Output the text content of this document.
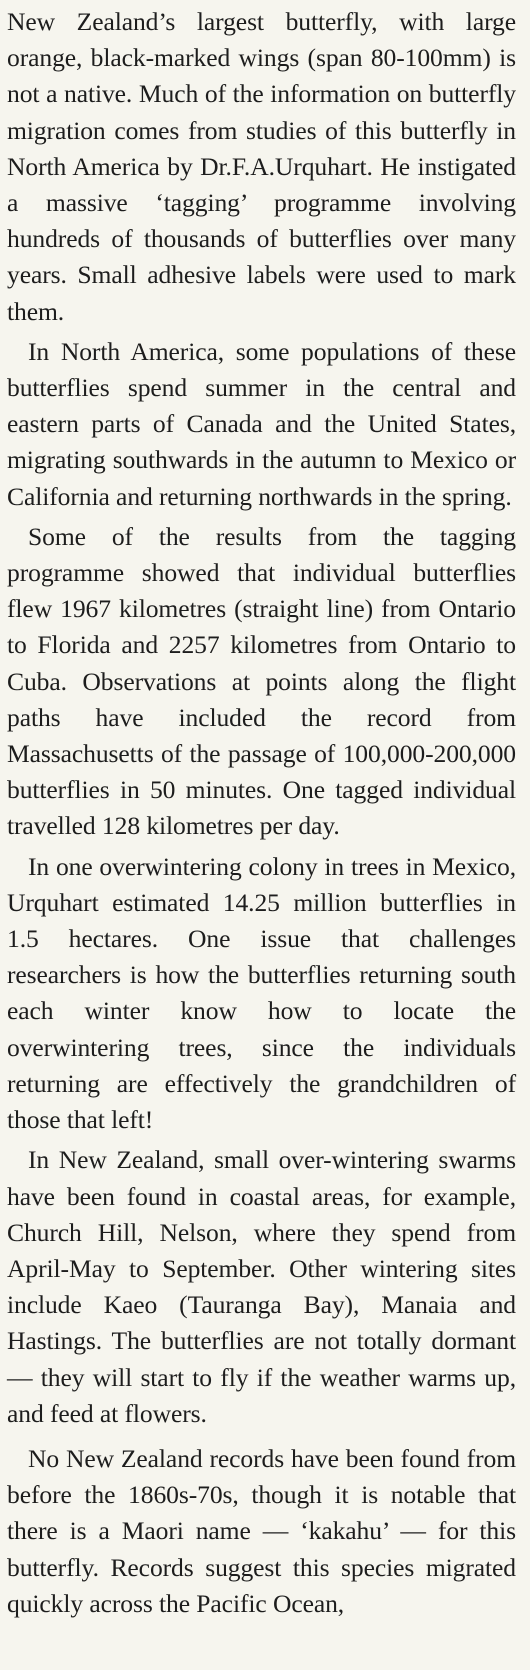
New Zealand’s largest butterfly, with large orange, black-marked wings (span 80-100mm) is not a native. Much of the information on butterfly migration comes from studies of this butterfly in North America by Dr.F.A.Urquhart. He instigated a massive ‘tagging’ programme involving hundreds of thousands of butterflies over many years. Small adhesive labels were used to mark them.

In North America, some populations of these butterflies spend summer in the central and eastern parts of Canada and the United States, migrating southwards in the autumn to Mexico or California and returning northwards in the spring.

Some of the results from the tagging programme showed that individual butterflies flew 1967 kilometres (straight line) from Ontario to Florida and 2257 kilometres from Ontario to Cuba. Observations at points along the flight paths have included the record from Massachusetts of the passage of 100,000-200,000 butterflies in 50 minutes. One tagged individual travelled 128 kilometres per day.

In one overwintering colony in trees in Mexico, Urquhart estimated 14.25 million butterflies in 1.5 hectares. One issue that challenges researchers is how the butterflies returning south each winter know how to locate the overwintering trees, since the individuals returning are effectively the grandchildren of those that left!

In New Zealand, small over-wintering swarms have been found in coastal areas, for example, Church Hill, Nelson, where they spend from April-May to September. Other wintering sites include Kaeo (Tauranga Bay), Manaia and Hastings. The butterflies are not totally dormant — they will start to fly if the weather warms up, and feed at flowers.

No New Zealand records have been found from before the 1860s-70s, though it is notable that there is a Maori name — ‘kakahu’ — for this butterfly. Records suggest this species migrated quickly across the Pacific Ocean,
